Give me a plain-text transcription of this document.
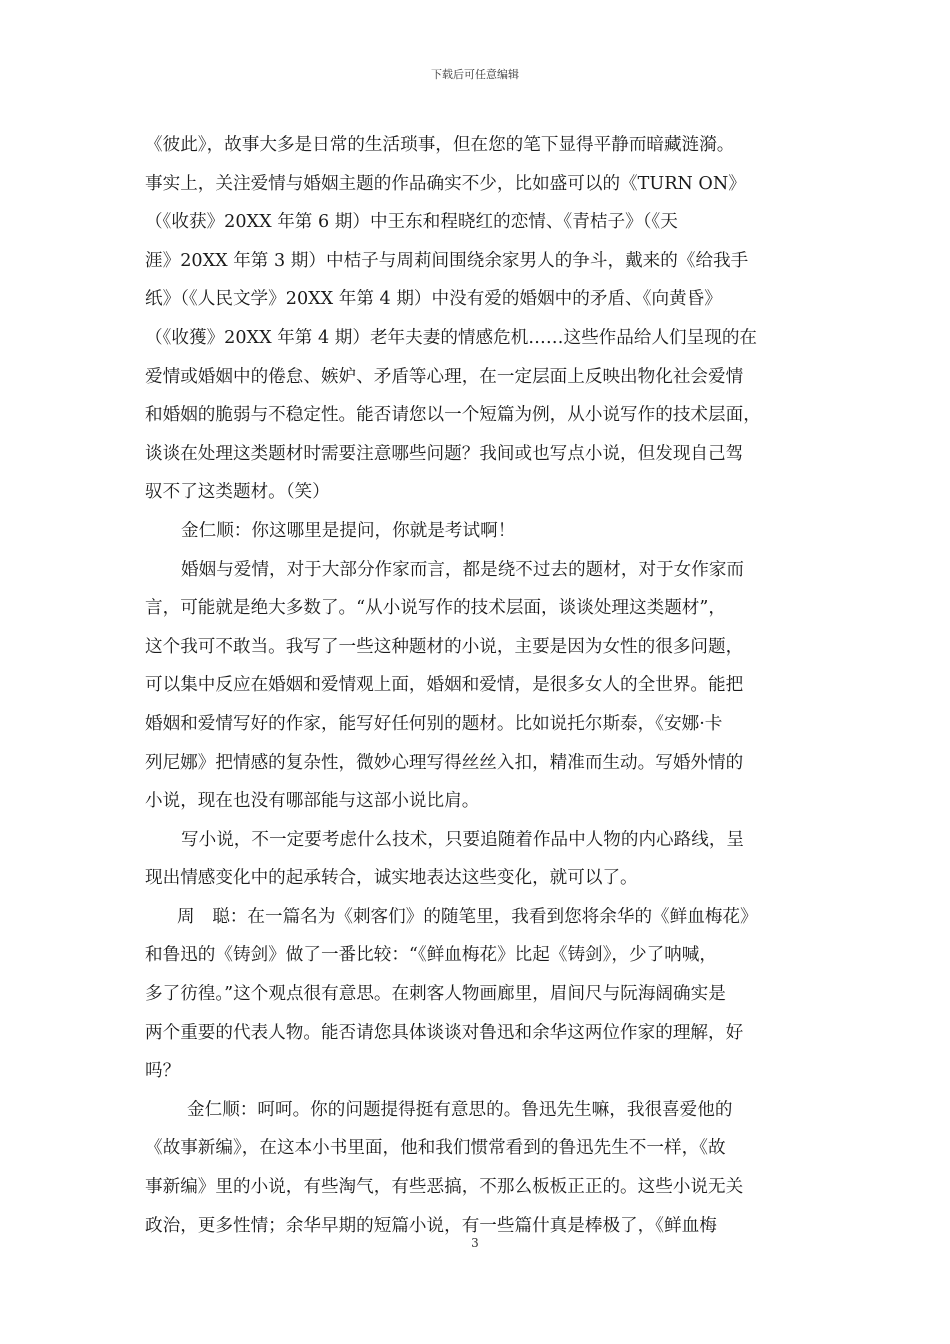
下载后可任意编辑
《彼此》，故事大多是日常的生活琐事，但在您的笔下显得平静而暗藏涟漪。
事实上，关注爱情与婚姻主题的作品确实不少，比如盛可以的《TURN ON》
（《收获》20XX 年第 6 期）中王东和程晓红的恋情、《青桔子》（《天
涯》20XX 年第 3 期）中桔子与周莉间围绕余家男人的争斗，戴来的《给我手
纸》（《人民文学》20XX 年第 4 期）中没有爱的婚姻中的矛盾、《向黄昏》
（《收獲》20XX 年第 4 期）老年夫妻的情感危机……这些作品给人们呈现的在
爱情或婚姻中的倦怠、嫉妒、矛盾等心理，在一定层面上反映出物化社会爱情
和婚姻的脆弱与不稳定性。能否请您以一个短篇为例，从小说写作的技术层面，
谈谈在处理这类题材时需要注意哪些问题？我间或也写点小说，但发现自己驾
驭不了这类题材。（笑）
金仁顺：你这哪里是提问，你就是考试啊！
婚姻与爱情，对于大部分作家而言，都是绕不过去的题材，对于女作家而
言，可能就是绝大多数了。“从小说写作的技术层面，谈谈处理这类题材”，
这个我可不敢当。我写了一些这种题材的小说，主要是因为女性的很多问题，
可以集中反应在婚姻和爱情观上面，婚姻和爱情，是很多女人的全世界。能把
婚姻和爱情写好的作家，能写好任何别的题材。比如说托尔斯泰，《安娜·卡
列尼娜》把情感的复杂性，微妙心理写得丝丝入扣，精准而生动。写婚外情的
小说，现在也没有哪部能与这部小说比肩。
写小说，不一定要考虑什么技术，只要追随着作品中人物的内心路线，呈
现出情感变化中的起承转合，诚实地表达这些变化，就可以了。
周　聪：在一篇名为《刺客们》的随笔里，我看到您将余华的《鲜血梅花》
和鲁迅的《铸剑》做了一番比较：“《鲜血梅花》比起《铸剑》，少了呐喊，
多了彷徨。”这个观点很有意思。在刺客人物画廊里，眉间尺与阮海阔确实是
两个重要的代表人物。能否请您具体谈谈对鲁迅和余华这两位作家的理解，好
吗？
金仁顺：呵呵。你的问题提得挺有意思的。鲁迅先生嘛，我很喜爱他的
《故事新编》，在这本小书里面，他和我们惯常看到的鲁迅先生不一样，《故
事新编》里的小说，有些淘气，有些恶搞，不那么板板正正的。这些小说无关
政治，更多性情；余华早期的短篇小说，有一些篇什真是棒极了，《鲜血梅
3
